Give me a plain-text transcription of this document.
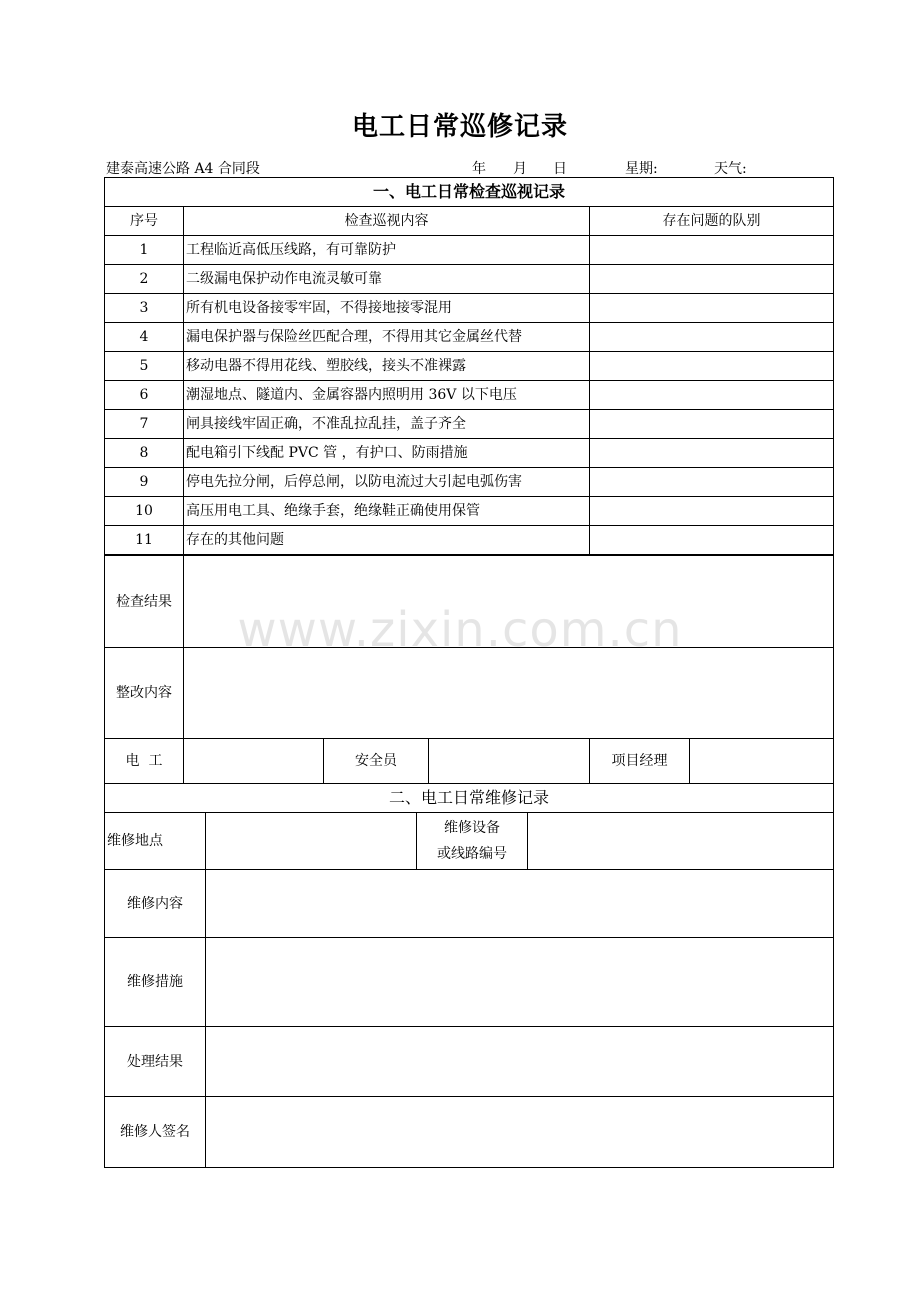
电工日常巡修记录
建泰高速公路 A4 合同段	年 月 日	星期:	天气:
一、电工日常检查巡视记录
序号	检查巡视内容	存在问题的队别
1	工程临近高低压线路，有可靠防护	
2	二级漏电保护动作电流灵敏可靠	
3	所有机电设备接零牢固，不得接地接零混用	
4	漏电保护器与保险丝匹配合理，不得用其它金属丝代替	
5	移动电器不得用花线、塑胶线，接头不准裸露	
6	潮湿地点、隧道内、金属容器内照明用 36V 以下电压	
7	闸具接线牢固正确，不准乱拉乱挂，盖子齐全	
8	配电箱引下线配 PVC 管 ，有护口、防雨措施	
9	停电先拉分闸，后停总闸，以防电流过大引起电弧伤害	
10	高压用电工具、绝缘手套，绝缘鞋正确使用保管	
11	存在的其他问题	
检查结果					
整改内容					
电  工		安全员		项目经理	
二、电工日常维修记录			
维修地点		维修设备
或线路编号	

维修内容			
维修措施			
处理结果			
维修人签名			
www.zixin.com.cn
